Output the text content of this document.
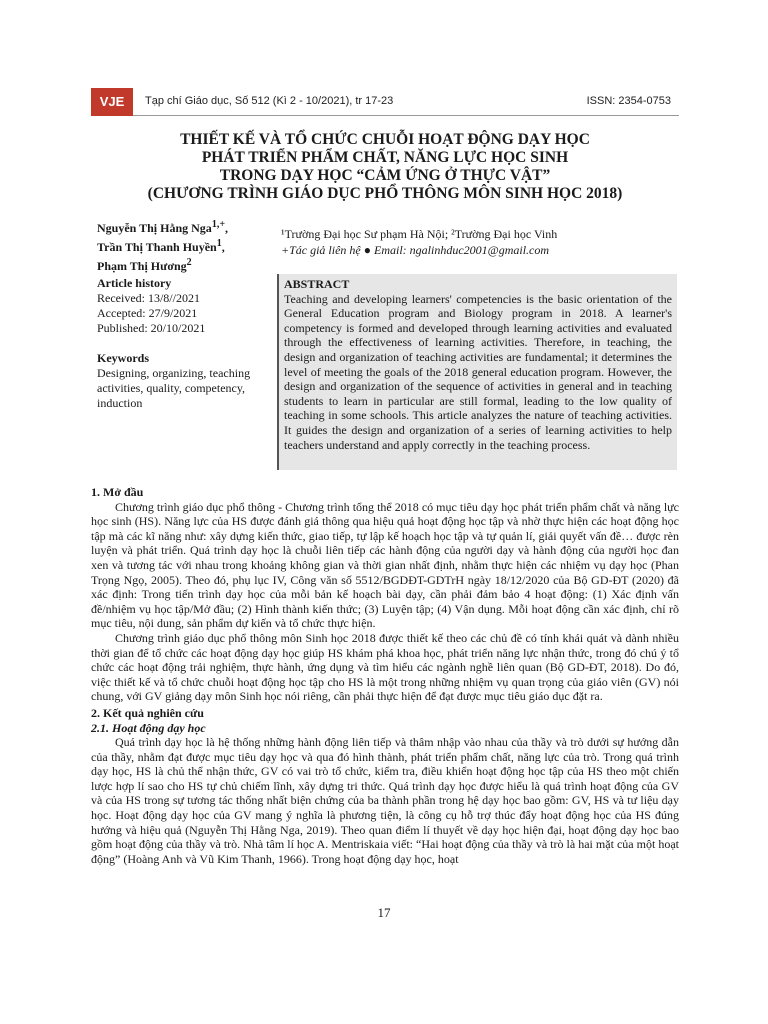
VJE	Tạp chí Giáo dục, Số 512 (Kì 2 - 10/2021), tr 17-23	ISSN: 2354-0753
THIẾT KẾ VÀ TỔ CHỨC CHUỖI HOẠT ĐỘNG DẠY HỌC
PHÁT TRIỂN PHẨM CHẤT, NĂNG LỰC HỌC SINH
TRONG DẠY HỌC “CẢM ỨNG Ở THỰC VẬT”
(CHƯƠNG TRÌNH GIÁO DỤC PHỔ THÔNG MÔN SINH HỌC 2018)
Nguyễn Thị Hằng Nga$^{1,+}$,
Trần Thị Thanh Huyền$^1$,
Phạm Thị Hương$^2$
¹Trường Đại học Sư phạm Hà Nội; ²Trường Đại học Vinh
+Tác giả liên hệ ● Email: ngalinhduc2001@gmail.com
Article history
Received: 13/8//2021
Accepted: 27/9/2021
Published: 20/10/2021
Keywords
Designing, organizing, teaching activities, quality, competency, induction
ABSTRACT
Teaching and developing learners' competencies is the basic orientation of the General Education program and Biology program in 2018. A learner's competency is formed and developed through learning activities and evaluated through the effectiveness of learning activities. Therefore, in teaching, the design and organization of teaching activities are fundamental; it determines the level of meeting the goals of the 2018 general education program. However, the design and organization of the sequence of activities in general and in teaching students to learn in particular are still formal, leading to the low quality of teaching in some schools. This article analyzes the nature of teaching activities. It guides the design and organization of a series of learning activities to help teachers understand and apply correctly in the teaching process.
1. Mở đầu

Chương trình giáo dục phổ thông - Chương trình tổng thể 2018 có mục tiêu dạy học phát triển phẩm chất và năng lực học sinh (HS). Năng lực của HS được đánh giá thông qua hiệu quả hoạt động học tập và nhờ thực hiện các hoạt động học tập mà các kĩ năng như: xây dựng kiến thức, giao tiếp, tự lập kế hoạch học tập và tự quản lí, giải quyết vấn đề… được rèn luyện và phát triển. Quá trình dạy học là chuỗi liên tiếp các hành động của người dạy và hành động của người học đan xen và tương tác với nhau trong khoảng không gian và thời gian nhất định, nhằm thực hiện các nhiệm vụ dạy học (Phan Trọng Ngọ, 2005). Theo đó, phụ lục IV, Công văn số 5512/BGDĐT-GDTrH ngày 18/12/2020 của Bộ GD-ĐT (2020) đã xác định: Trong tiến trình dạy học của mỗi bản kế hoạch bài dạy, cần phải đảm bảo 4 hoạt động: (1) Xác định vấn đề/nhiệm vụ học tập/Mở đầu; (2) Hình thành kiến thức; (3) Luyện tập; (4) Vận dụng. Mỗi hoạt động cần xác định, chỉ rõ mục tiêu, nội dung, sản phẩm dự kiến và tổ chức thực hiện.

Chương trình giáo dục phổ thông môn Sinh học 2018 được thiết kế theo các chủ đề có tính khái quát và dành nhiều thời gian để tổ chức các hoạt động dạy học giúp HS khám phá khoa học, phát triển năng lực nhận thức, trong đó chú ý tổ chức các hoạt động trải nghiệm, thực hành, ứng dụng và tìm hiểu các ngành nghề liên quan (Bộ GD-ĐT, 2018). Do đó, việc thiết kế và tổ chức chuỗi hoạt động học tập cho HS là một trong những nhiệm vụ quan trọng của giáo viên (GV) nói chung, với GV giảng dạy môn Sinh học nói riêng, cần phải thực hiện để đạt được mục tiêu giáo dục đặt ra.

2. Kết quả nghiên cứu
2.1. Hoạt động dạy học

Quá trình dạy học là hệ thống những hành động liên tiếp và thâm nhập vào nhau của thầy và trò dưới sự hướng dẫn của thầy, nhằm đạt được mục tiêu dạy học và qua đó hình thành, phát triển phẩm chất, năng lực của trò. Trong quá trình dạy học, HS là chủ thể nhận thức, GV có vai trò tổ chức, kiểm tra, điều khiển hoạt động học tập của HS theo một chiến lược hợp lí sao cho HS tự chủ chiếm lĩnh, xây dựng tri thức. Quá trình dạy học được hiểu là quá trình hoạt động của GV và của HS trong sự tương tác thống nhất biện chứng của ba thành phần trong hệ dạy học bao gồm: GV, HS và tư liệu dạy học. Hoạt động dạy học của GV mang ý nghĩa là phương tiện, là công cụ hỗ trợ thúc đẩy hoạt động học của HS đúng hướng và hiệu quả (Nguyễn Thị Hằng Nga, 2019). Theo quan điểm lí thuyết về dạy học hiện đại, hoạt động dạy học bao gồm hoạt động của thầy và trò. Nhà tâm lí học A. Mentriskaia viết: “Hai hoạt động của thầy và trò là hai mặt của một hoạt động” (Hoàng Anh và Vũ Kim Thanh, 1966). Trong hoạt động dạy học, hoạt

17
